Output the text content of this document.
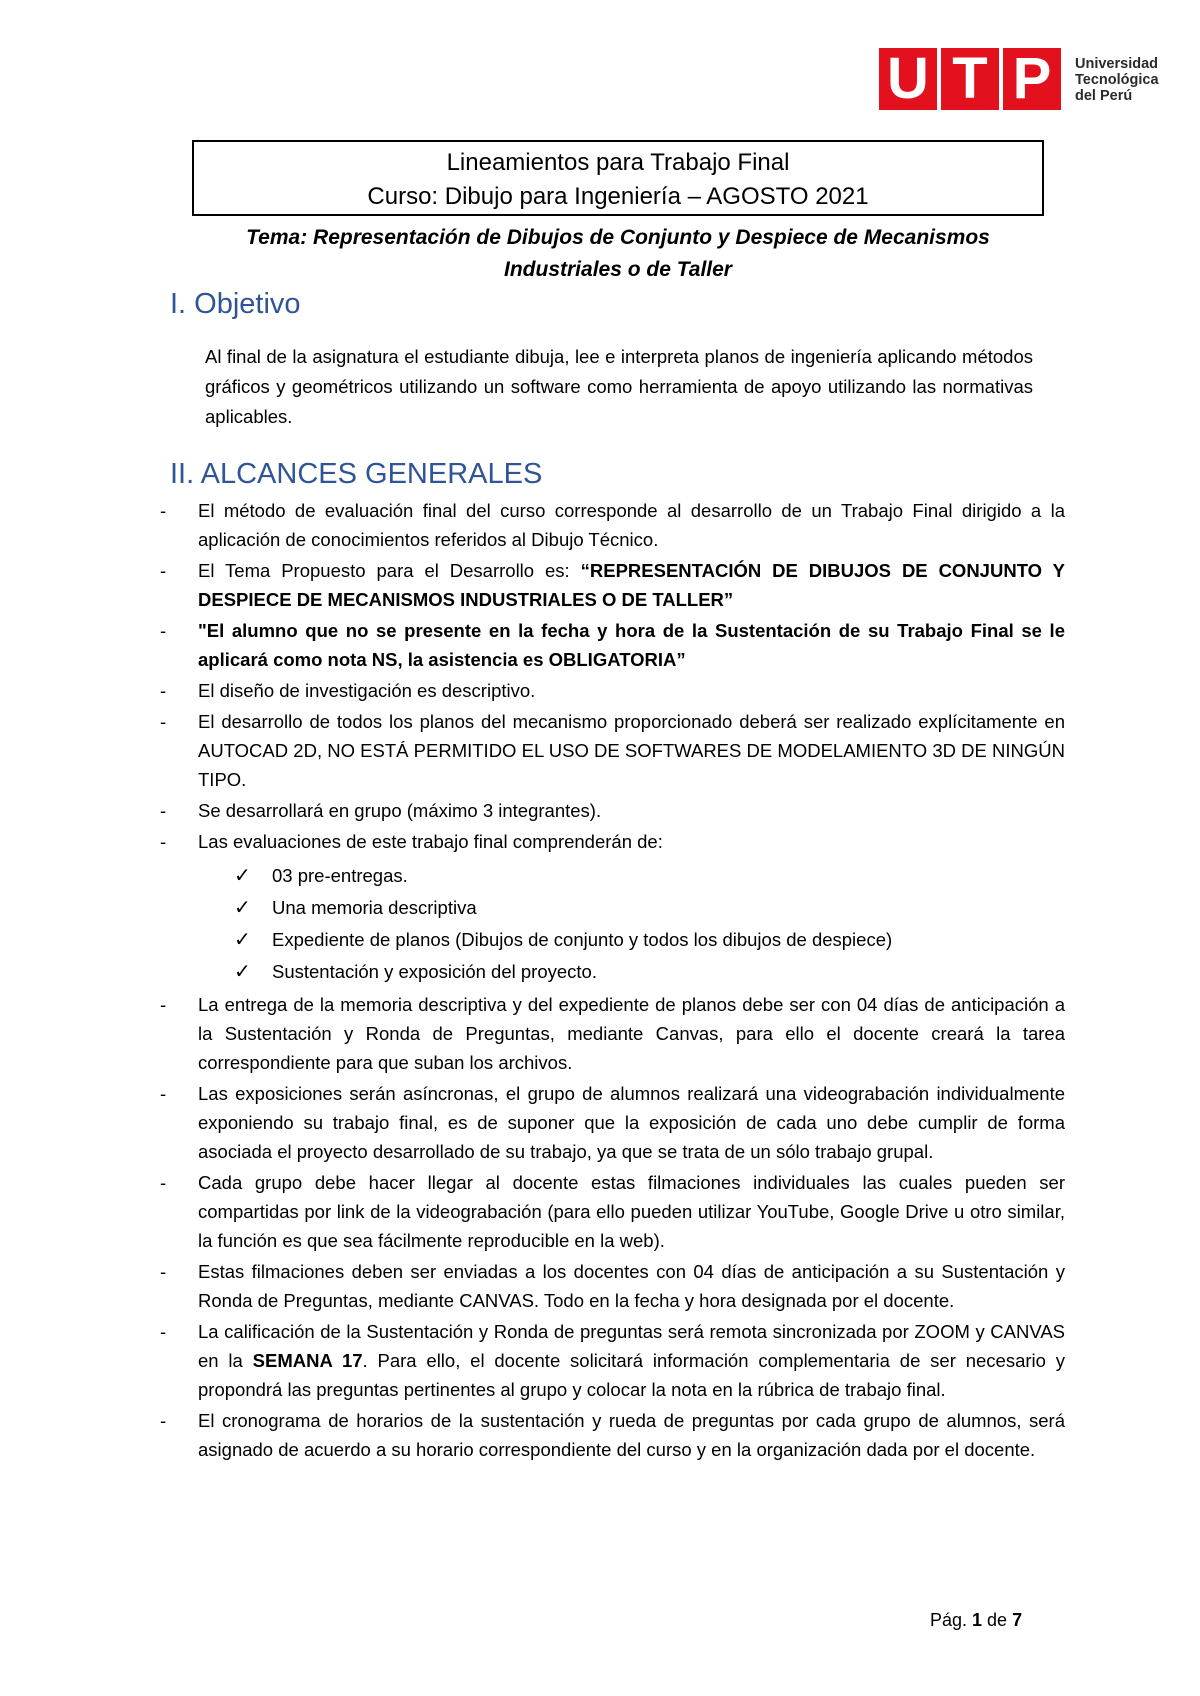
U T P	Universidad
Tecnológica
del Perú
Lineamientos para Trabajo Final
Curso: Dibujo para Ingeniería – AGOSTO 2021
Tema: Representación de Dibujos de Conjunto y Despiece de Mecanismos
Industriales o de Taller
I. Objetivo
Al final de la asignatura el estudiante dibuja, lee e interpreta planos de ingeniería aplicando métodos gráficos y geométricos utilizando un software como herramienta de apoyo utilizando las normativas aplicables.
II. ALCANCES GENERALES
- El método de evaluación final del curso corresponde al desarrollo de un Trabajo Final dirigido a la aplicación de conocimientos referidos al Dibujo Técnico.
- El Tema Propuesto para el Desarrollo es: “REPRESENTACIÓN DE DIBUJOS DE CONJUNTO Y DESPIECE DE MECANISMOS INDUSTRIALES O DE TALLER”
- "El alumno que no se presente en la fecha y hora de la Sustentación de su Trabajo Final se le aplicará como nota NS, la asistencia es OBLIGATORIA”
- El diseño de investigación es descriptivo.
- El desarrollo de todos los planos del mecanismo proporcionado deberá ser realizado explícitamente en AUTOCAD 2D, NO ESTÁ PERMITIDO EL USO DE SOFTWARES DE MODELAMIENTO 3D DE NINGÚN TIPO.
- Se desarrollará en grupo (máximo 3 integrantes).
- Las evaluaciones de este trabajo final comprenderán de:
✓ 03 pre-entregas.
✓ Una memoria descriptiva
✓ Expediente de planos (Dibujos de conjunto y todos los dibujos de despiece)
✓ Sustentación y exposición del proyecto.
- La entrega de la memoria descriptiva y del expediente de planos debe ser con 04 días de anticipación a la Sustentación y Ronda de Preguntas, mediante Canvas, para ello el docente creará la tarea correspondiente para que suban los archivos.
- Las exposiciones serán asíncronas, el grupo de alumnos realizará una videograbación individualmente exponiendo su trabajo final, es de suponer que la exposición de cada uno debe cumplir de forma asociada el proyecto desarrollado de su trabajo, ya que se trata de un sólo trabajo grupal.
- Cada grupo debe hacer llegar al docente estas filmaciones individuales las cuales pueden ser compartidas por link de la videograbación (para ello pueden utilizar YouTube, Google Drive u otro similar, la función es que sea fácilmente reproducible en la web).
- Estas filmaciones deben ser enviadas a los docentes con 04 días de anticipación a su Sustentación y Ronda de Preguntas, mediante CANVAS. Todo en la fecha y hora designada por el docente.
- La calificación de la Sustentación y Ronda de preguntas será remota sincronizada por ZOOM y CANVAS en la SEMANA 17. Para ello, el docente solicitará información complementaria de ser necesario y propondrá las preguntas pertinentes al grupo y colocar la nota en la rúbrica de trabajo final.
- El cronograma de horarios de la sustentación y rueda de preguntas por cada grupo de alumnos, será asignado de acuerdo a su horario correspondiente del curso y en la organización dada por el docente.
Pág. 1 de 7
